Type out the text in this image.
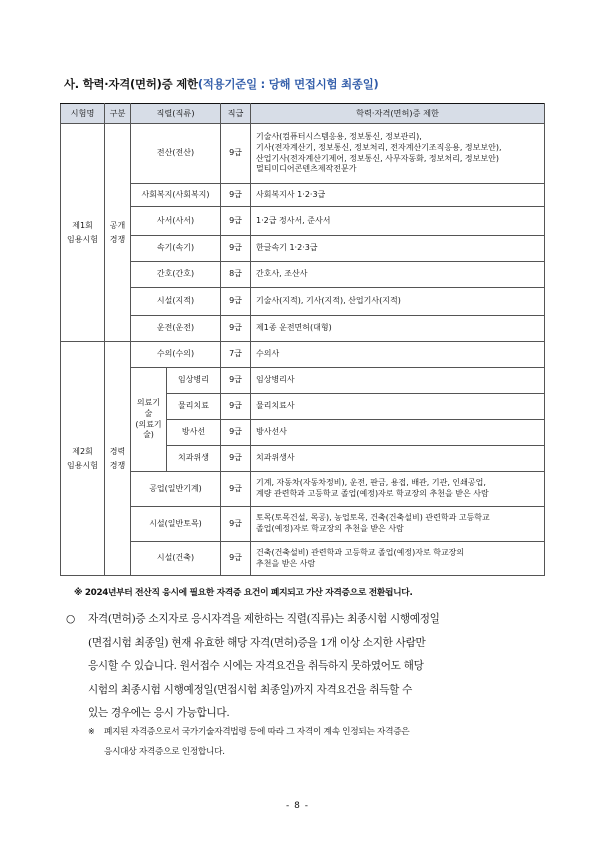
사. 학력·자격(면허)증 제한(적용기준일 : 당해 면접시험 최종일)
시험명	구분	직렬(직류)		직급	학력·자격(면허)증 제한

제1회
임용시험	공개
경쟁	전산(전산)		9급	기술사(컴퓨터시스템응용, 정보통신, 정보관리),
기사(전자계산기, 정보통신, 정보처리, 전자계산기조직응용, 정보보안),
산업기사(전자계산기제어, 정보통신, 사무자동화, 정보처리, 정보보안)
멀티미디어콘텐츠제작전문가

		사회복지(사회복지)		9급	사회복지사 1·2·3급
		사서(사서)		9급	1·2급 정사서, 준사서
		속기(속기)		9급	한글속기 1·2·3급
		간호(간호)		8급	간호사, 조산사
		시설(지적)		9급	기술사(지적), 기사(지적), 산업기사(지적)
		운전(운전)		9급	제1종 운전면허(대형)

제2회
임용시험	경력
경쟁	수의(수의)		7급	수의사

		의료기술
(의료기술)	임상병리	9급	임상병리사
			물리치료	9급	물리치료사
			방사선	9급	방사선사
			치과위생	9급	치과위생사
		공업(일반기계)		9급	기계, 자동차(자동차정비), 운전, 판금, 용접, 배관, 기관, 인쇄공업,
계량 관련학과 고등학교 졸업(예정)자로 학교장의 추천을 받은 사람

		시설(일반토목)		9급	토목(토목건설, 목공), 농업토목, 건축(건축설비) 관련학과 고등학교
졸업(예정)자로 학교장의 추천을 받은 사람

		시설(건축)		9급	건축(건축설비) 관련학과 고등학교 졸업(예정)자로 학교장의
추천을 받은 사람
※ 2024년부터 전산직 응시에 필요한 자격증 요건이 폐지되고 가산 자격증으로 전환됩니다.
○	자격(면허)증 소지자로 응시자격을 제한하는 직렬(직류)는 최종시험 시행예정일
(면접시험 최종일) 현재 유효한 해당 자격(면허)증을 1개 이상 소지한 사람만
응시할 수 있습니다. 원서접수 시에는 자격요건을 취득하지 못하였어도 해당
시험의 최종시험 시행예정일(면접시험 최종일)까지 자격요건을 취득할 수
있는 경우에는 응시 가능합니다.
※	폐지된 자격증으로서 국가기술자격법령 등에 따라 그 자격이 계속 인정되는 자격증은
응시대상 자격증으로 인정합니다.
- 8 -
